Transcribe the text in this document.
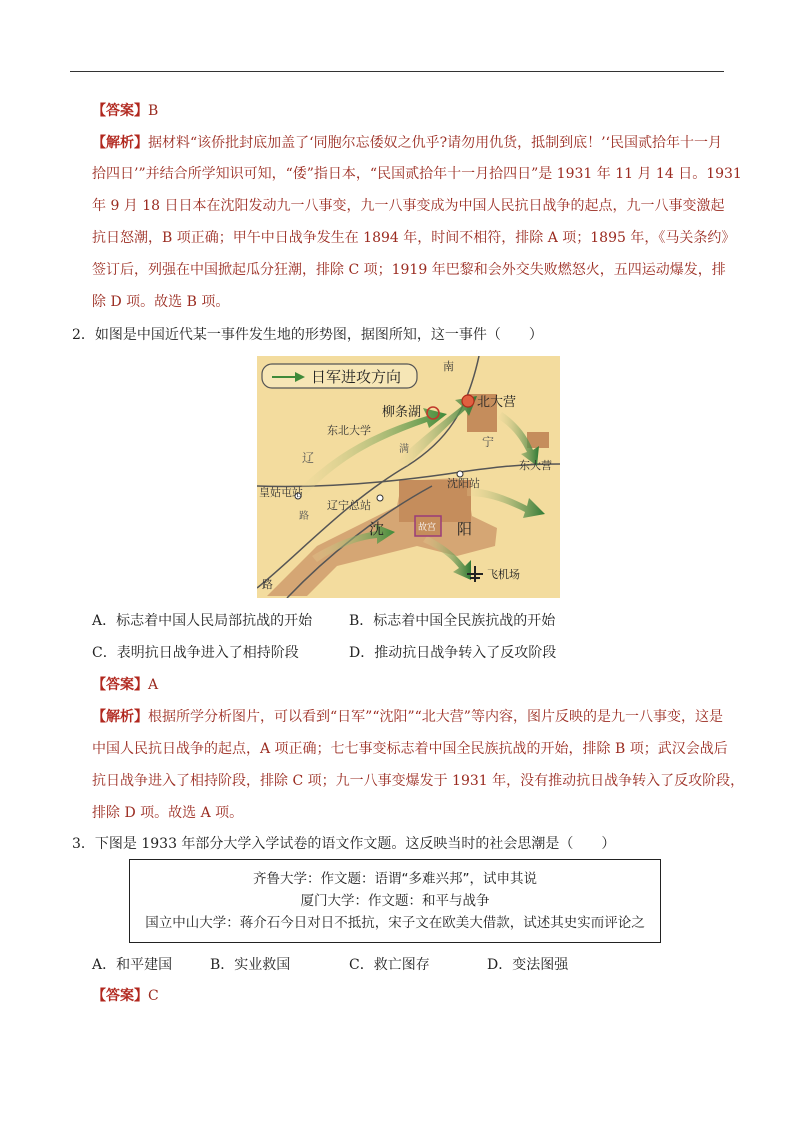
【答案】B
【解析】据材料“该侨批封底加盖了‘同胞尔忘倭奴之仇乎?请勿用仇货，抵制到底！’‘民国贰拾年十一月
拾四日’”并结合所学知识可知，“倭”指日本，“民国贰拾年十一月拾四日”是 1931 年 11 月 14 日。1931
年 9 月 18 日日本在沈阳发动九一八事变，九一八事变成为中国人民抗日战争的起点，九一八事变激起
抗日怒潮，B 项正确；甲午中日战争发生在 1894 年，时间不相符，排除 A 项；1895 年，《马关条约》
签订后，列强在中国掀起瓜分狂潮，排除 C 项；1919 年巴黎和会外交失败燃怒火，五四运动爆发，排
除 D 项。故选 B 项。
2．如图是中国近代某一事件发生地的形势图，据图所知，这一事件（　　）
日军进攻方向
柳条湖
北大营
东北大学
辽
宁
皇姑屯站
辽宁总站
沈阳站
东大营
沈	阳
故宫
飞机场
南
路
满
路
A．标志着中国人民局部抗战的开始	B．标志着中国全民族抗战的开始
C．表明抗日战争进入了相持阶段	D．推动抗日战争转入了反攻阶段
【答案】A
【解析】根据所学分析图片，可以看到“日军”“沈阳”“北大营”等内容，图片反映的是九一八事变，这是
中国人民抗日战争的起点，A 项正确；七七事变标志着中国全民族抗战的开始，排除 B 项；武汉会战后
抗日战争进入了相持阶段，排除 C 项；九一八事变爆发于 1931 年，没有推动抗日战争转入了反攻阶段，
排除 D 项。故选 A 项。
3．下图是 1933 年部分大学入学试卷的语文作文题。这反映当时的社会思潮是（　　）
齐鲁大学：作文题：语谓“多难兴邦”，试申其说
厦门大学：作文题：和平与战争
国立中山大学：蒋介石今日对日不抵抗，宋子文在欧美大借款，试述其史实而评论之
A．和平建国	B．实业救国	C．救亡图存	D．变法图强
【答案】C
